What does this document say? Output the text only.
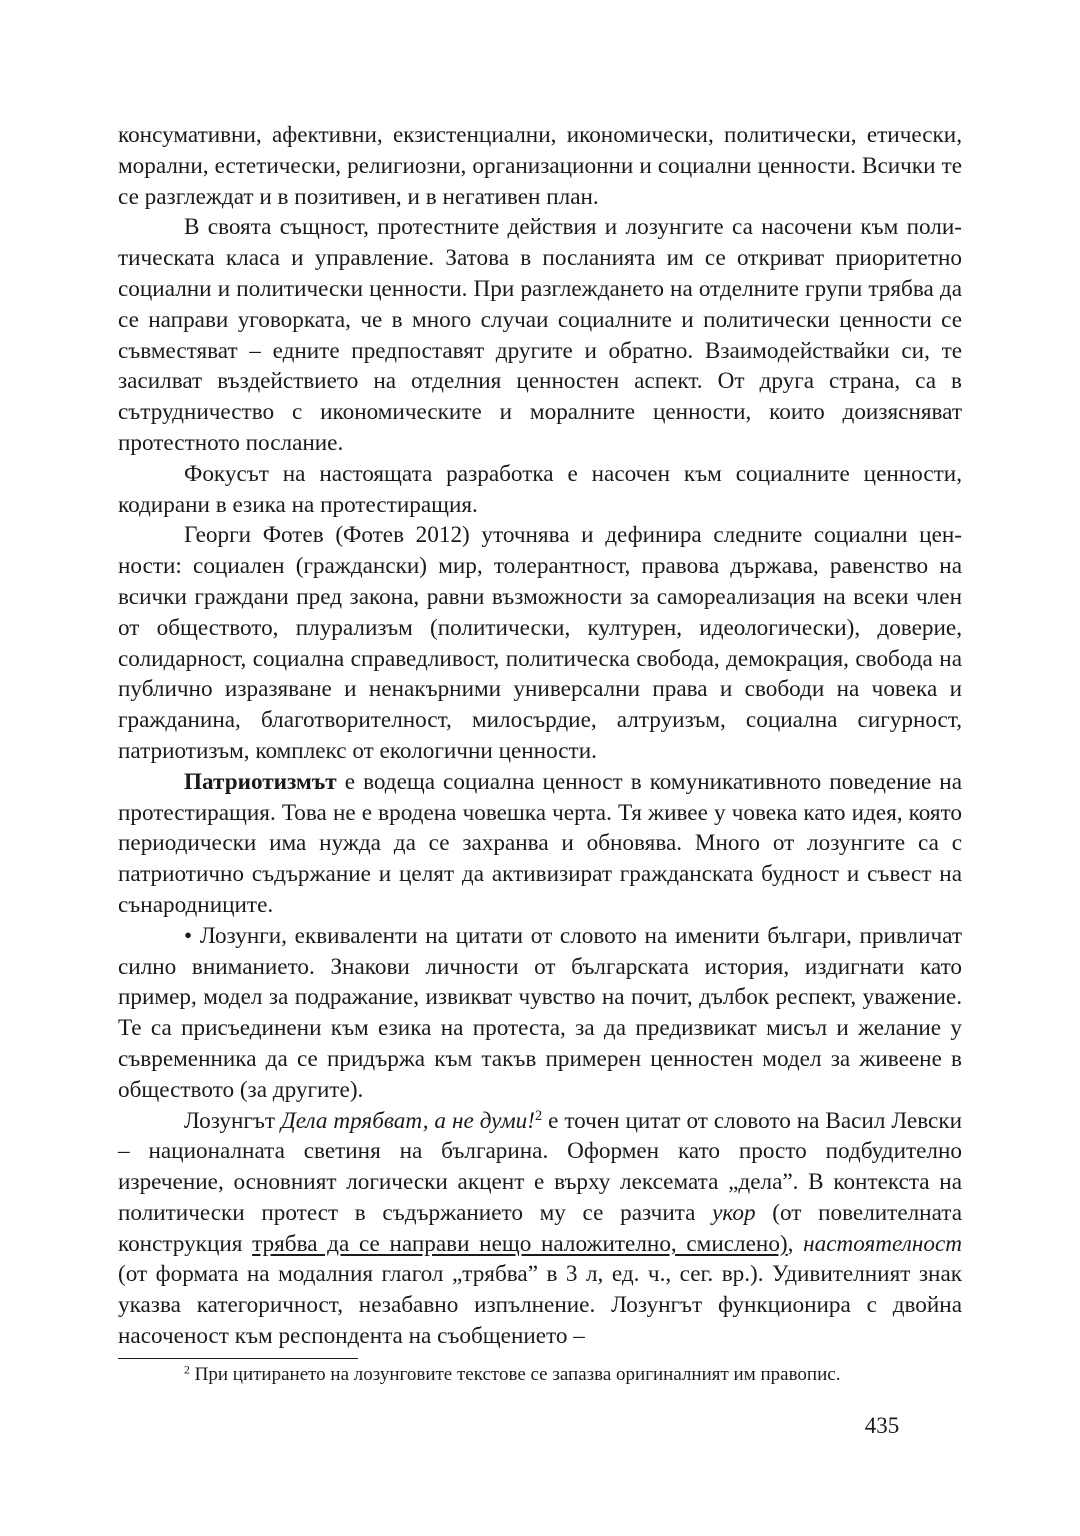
консумативни, афективни, екзистенциални, икономически, политически, етически, морални, естетически, религиозни, организационни и социални ценности. Всички те се разглеждат и в позитивен, и в негативен план.

В своята същност, протестните действия и лозунгите са насочени към политическата класа и управление. Затова в посланията им се откриват приоритетно социални и политически ценности. При разглеждането на отделните групи трябва да се направи уговорката, че в много случаи социалните и политически ценности се съвместяват – едните предпоставят другите и обратно. Взаимодействайки си, те засилват въздействието на отделния ценностен аспект. От друга страна, са в сътрудничество с икономическите и моралните ценности, които доизясняват протестното послание.

Фокусът на настоящата разработка е насочен към социалните ценности, кодирани в езика на протестиращия.

Георги Фотев (Фотев 2012) уточнява и дефинира следните социални ценности: социален (граждански) мир, толерантност, правова държава, равенство на всички граждани пред закона, равни възможности за самореализация на всеки член от обществото, плурализъм (политически, културен, идеологически), доверие, солидарност, социална справедливост, политическа свобода, демокрация, свобода на публично изразяване и ненакърними универсални права и свободи на човека и гражданина, благотворителност, милосърдие, алтруизъм, социална сигурност, патриотизъм, комплекс от екологични ценности.

Патриотизмът е водеща социална ценност в комуникативното поведение на протестиращия. Това не е вродена човешка черта. Тя живее у човека като идея, която периодически има нужда да се захранва и обновява. Много от лозунгите са с патриотично съдържание и целят да активизират гражданската будност и съвест на сънародниците.

• Лозунги, еквиваленти на цитати от словото на именити българи, привличат силно вниманието. Знакови личности от българската история, издигнати като пример, модел за подражание, извикват чувство на почит, дълбок респект, уважение. Те са присъединени към езика на протеста, за да предизвикат мисъл и желание у съвременника да се придържа към такъв примерен ценностен модел за живеене в обществото (за другите).

Лозунгът Дела трябват, а не думи!$^2$ е точен цитат от словото на Васил Левски – националната светиня на българина. Оформен като просто подбудително изречение, основният логически акцент е върху лексемата „дела”. В контекста на политически протест в съдържанието му се разчита укор (от повелителната конструкция трябва да се направи нещо наложително, смислено), настоятелност (от формата на модалния глагол „трябва” в 3 л, ед. ч., сег. вр.). Удивителният знак указва категоричност, незабавно изпълнение. Лозунгът функционира с двойна насоченост към респондента на съобщението –

$^2$ При цитирането на лозунговите текстове се запазва оригиналният им правопис.
435
